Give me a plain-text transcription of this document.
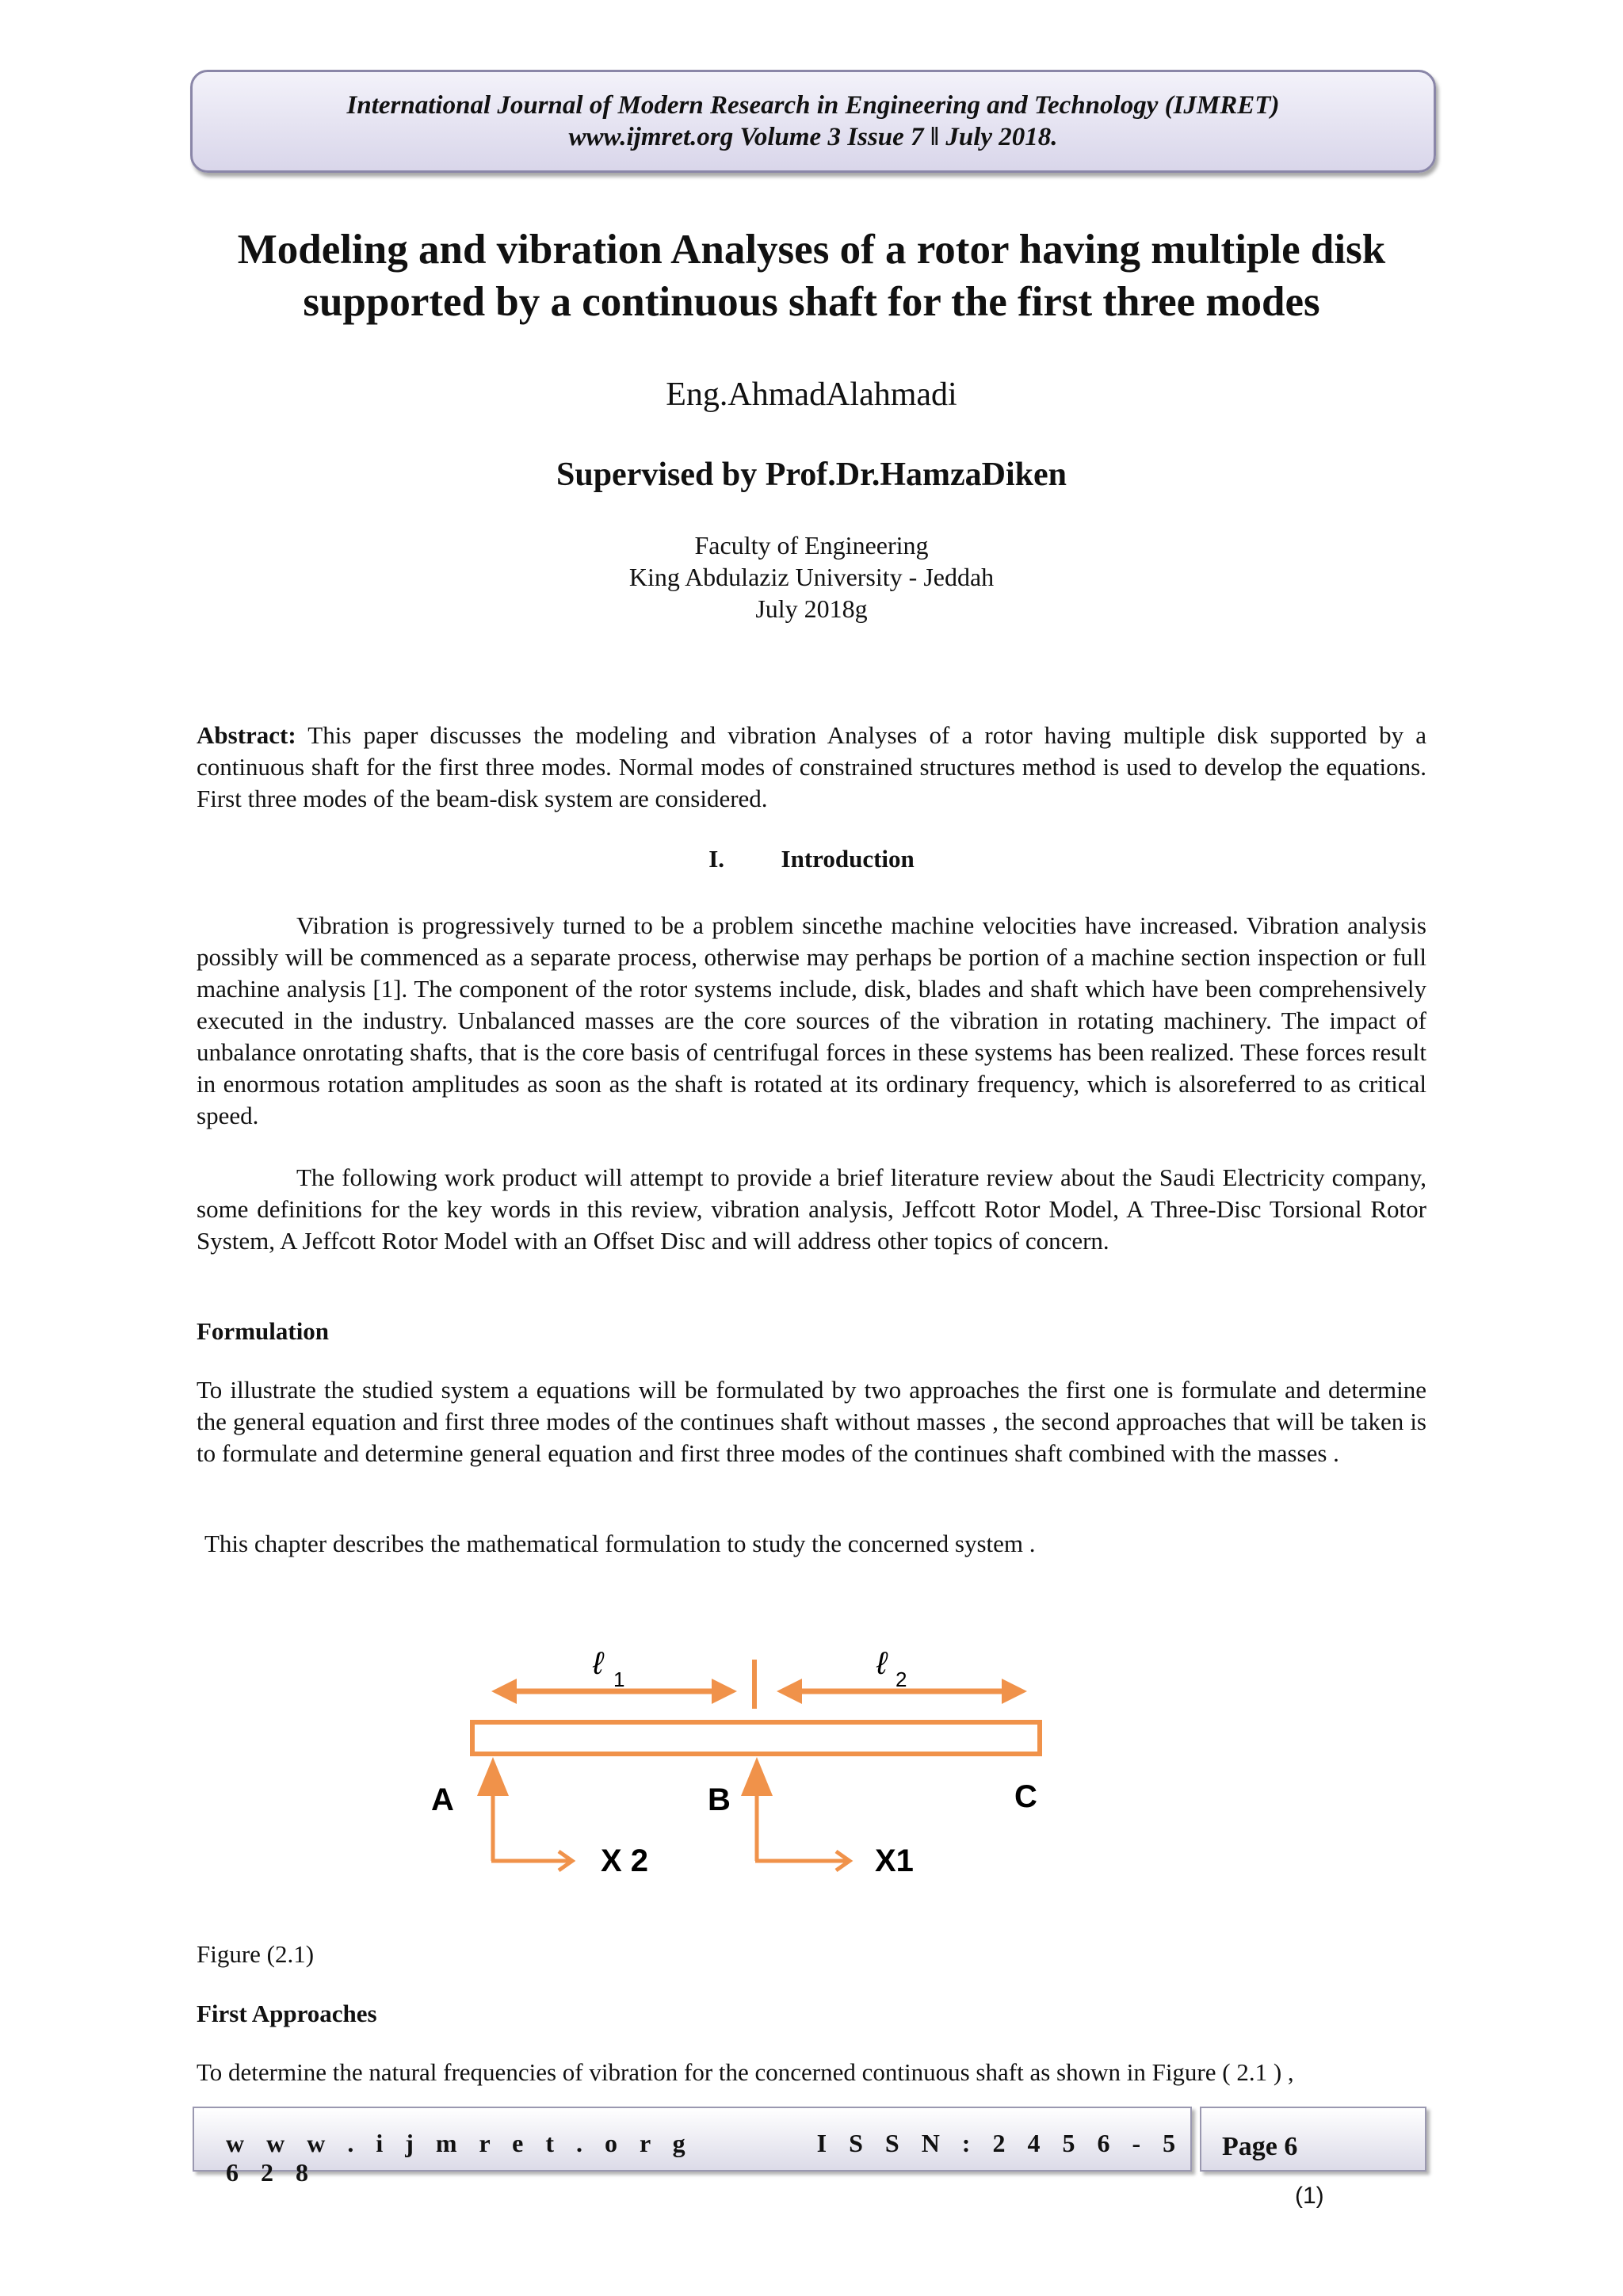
International Journal of Modern Research in Engineering and Technology (IJMRET)
www.ijmret.org Volume 3 Issue 7 ǁ July 2018.
Modeling and vibration Analyses of a rotor having multiple disk supported by a continuous shaft for the first three modes
Eng.AhmadAlahmadi
Supervised by Prof.Dr.HamzaDiken
Faculty of Engineering
King Abdulaziz University - Jeddah
July 2018g
Abstract: This paper discusses the modeling and vibration Analyses of a rotor having multiple disk supported by a continuous shaft for the first three modes. Normal modes of constrained structures method is used to develop the equations. First three modes of the beam-disk system are considered.
I. Introduction
Vibration is progressively turned to be a problem sincethe machine velocities have increased. Vibration analysis possibly will be commenced as a separate process, otherwise may perhaps be portion of a machine section inspection or full machine analysis [1]. The component of the rotor systems include, disk, blades and shaft which have been comprehensively executed in the industry. Unbalanced masses are the core sources of the vibration in rotating machinery. The impact of unbalance onrotating shafts, that is the core basis of centrifugal forces in these systems has been realized. These forces result in enormous rotation amplitudes as soon as the shaft is rotated at its ordinary frequency, which is alsoreferred to as critical speed.
The following work product will attempt to provide a brief literature review about the Saudi Electricity company, some definitions for the key words in this review, vibration analysis, Jeffcott Rotor Model, A Three-Disc Torsional Rotor System, A Jeffcott Rotor Model with an Offset Disc and will address other topics of concern.
Formulation
To illustrate the studied system a equations will be formulated by two approaches the first one is formulate and determine the general equation and first three modes of the continues shaft without masses , the second approaches that will be taken is to formulate and determine general equation and first three modes of the continues shaft combined with the masses .
This chapter describes the mathematical formulation to study the concerned system .
ℓ 1	ℓ 2
A	B	C
X 2	X1
Figure (2.1)
First Approaches
To determine the natural frequencies of vibration for the concerned continuous shaft as shown in Figure ( 2.1 ) ,
w w w . i j m r e t . o r g	I S S N : 2 4 5 6 - 5 6 2 8
Page 6
(1)
